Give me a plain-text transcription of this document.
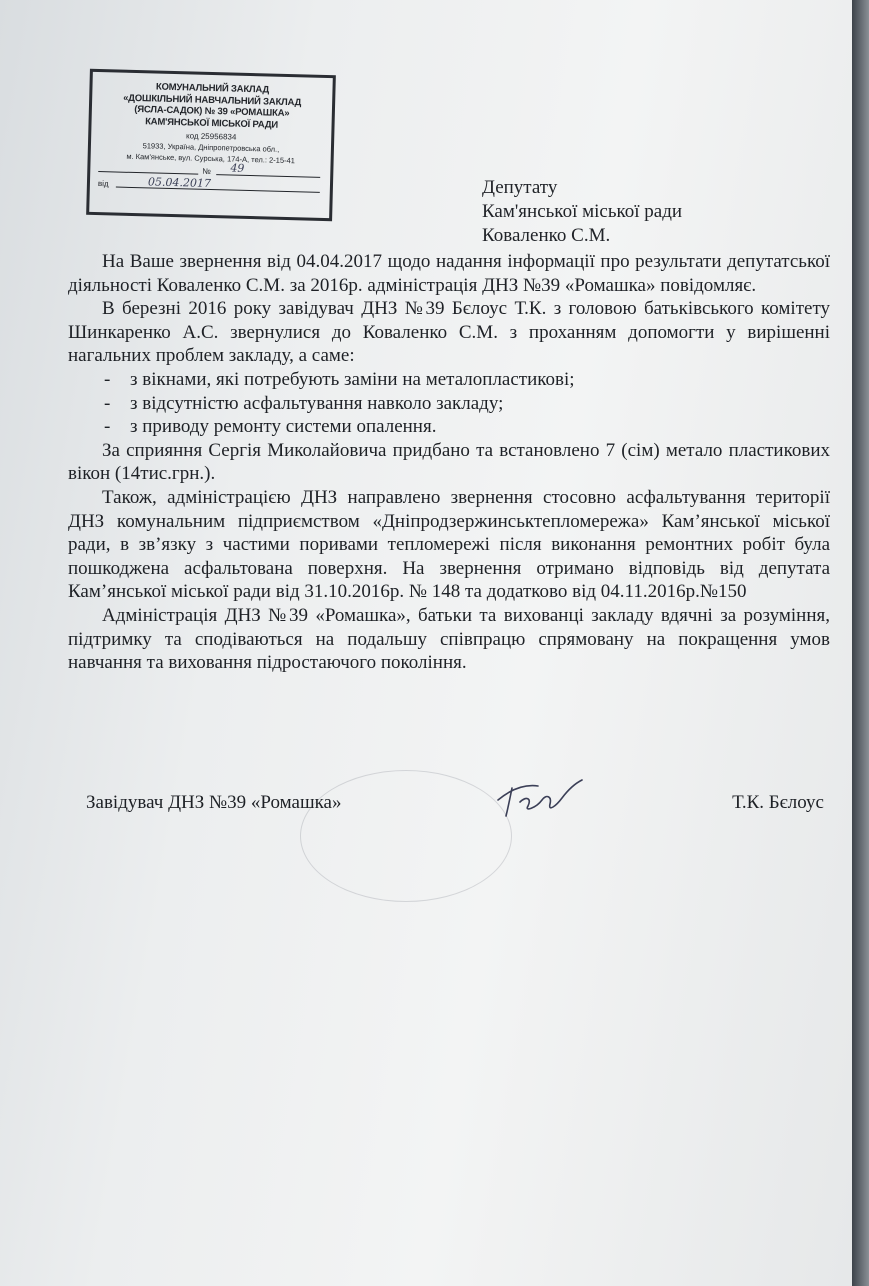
КОМУНАЛЬНИЙ ЗАКЛАД
«ДОШКІЛЬНИЙ НАВЧАЛЬНИЙ ЗАКЛАД
(ЯСЛА-САДОК) № 39 «РОМАШКА»
КАМ'ЯНСЬКОЇ МІСЬКОЇ РАДИ
код 25956834
51933, Україна, Дніпропетровська обл.,
м. Кам'янське, вул. Сурська, 174-А, тел.: 2-15-41
№ 49
від	05.04.2017	Депутату
Кам'янської міської ради
Коваленко С.М.

На Ваше звернення від 04.04.2017 щодо надання інформації про результати депутатської діяльності Коваленко С.М. за 2016р. адміністрація ДНЗ №39 «Ромашка» повідомляє.

В березні 2016 року завідувач ДНЗ №39 Бєлоус Т.К. з головою батьківського комітету Шинкаренко А.С. звернулися до Коваленко С.М. з проханням допомогти у вирішенні нагальних проблем закладу, а саме:

- з вікнами, які потребують заміни на металопластикові;
- з відсутністю асфальтування навколо закладу;
- з приводу ремонту системи опалення.

За сприяння Сергія Миколайовича придбано та встановлено 7 (сім) метало пластикових вікон (14тис.грн.).

Також, адміністрацією ДНЗ направлено звернення стосовно асфальтування території ДНЗ комунальним підприємством «Дніпродзержинськтепломережа» Кам’янської міської ради, в зв’язку з частими поривами тепломережі після виконання ремонтних робіт була пошкоджена асфальтована поверхня. На звернення отримано відповідь від депутата Кам’янської міської ради від 31.10.2016р. № 148 та додатково від 04.11.2016р.№150

Адміністрація ДНЗ №39 «Ромашка», батьки та вихованці закладу вдячні за розуміння, підтримку та сподіваються на подальшу співпрацю спрямовану на покращення умов навчання та виховання підростаючого покоління.

Завідувач ДНЗ №39 «Ромашка»	Т.К. Бєлоус
